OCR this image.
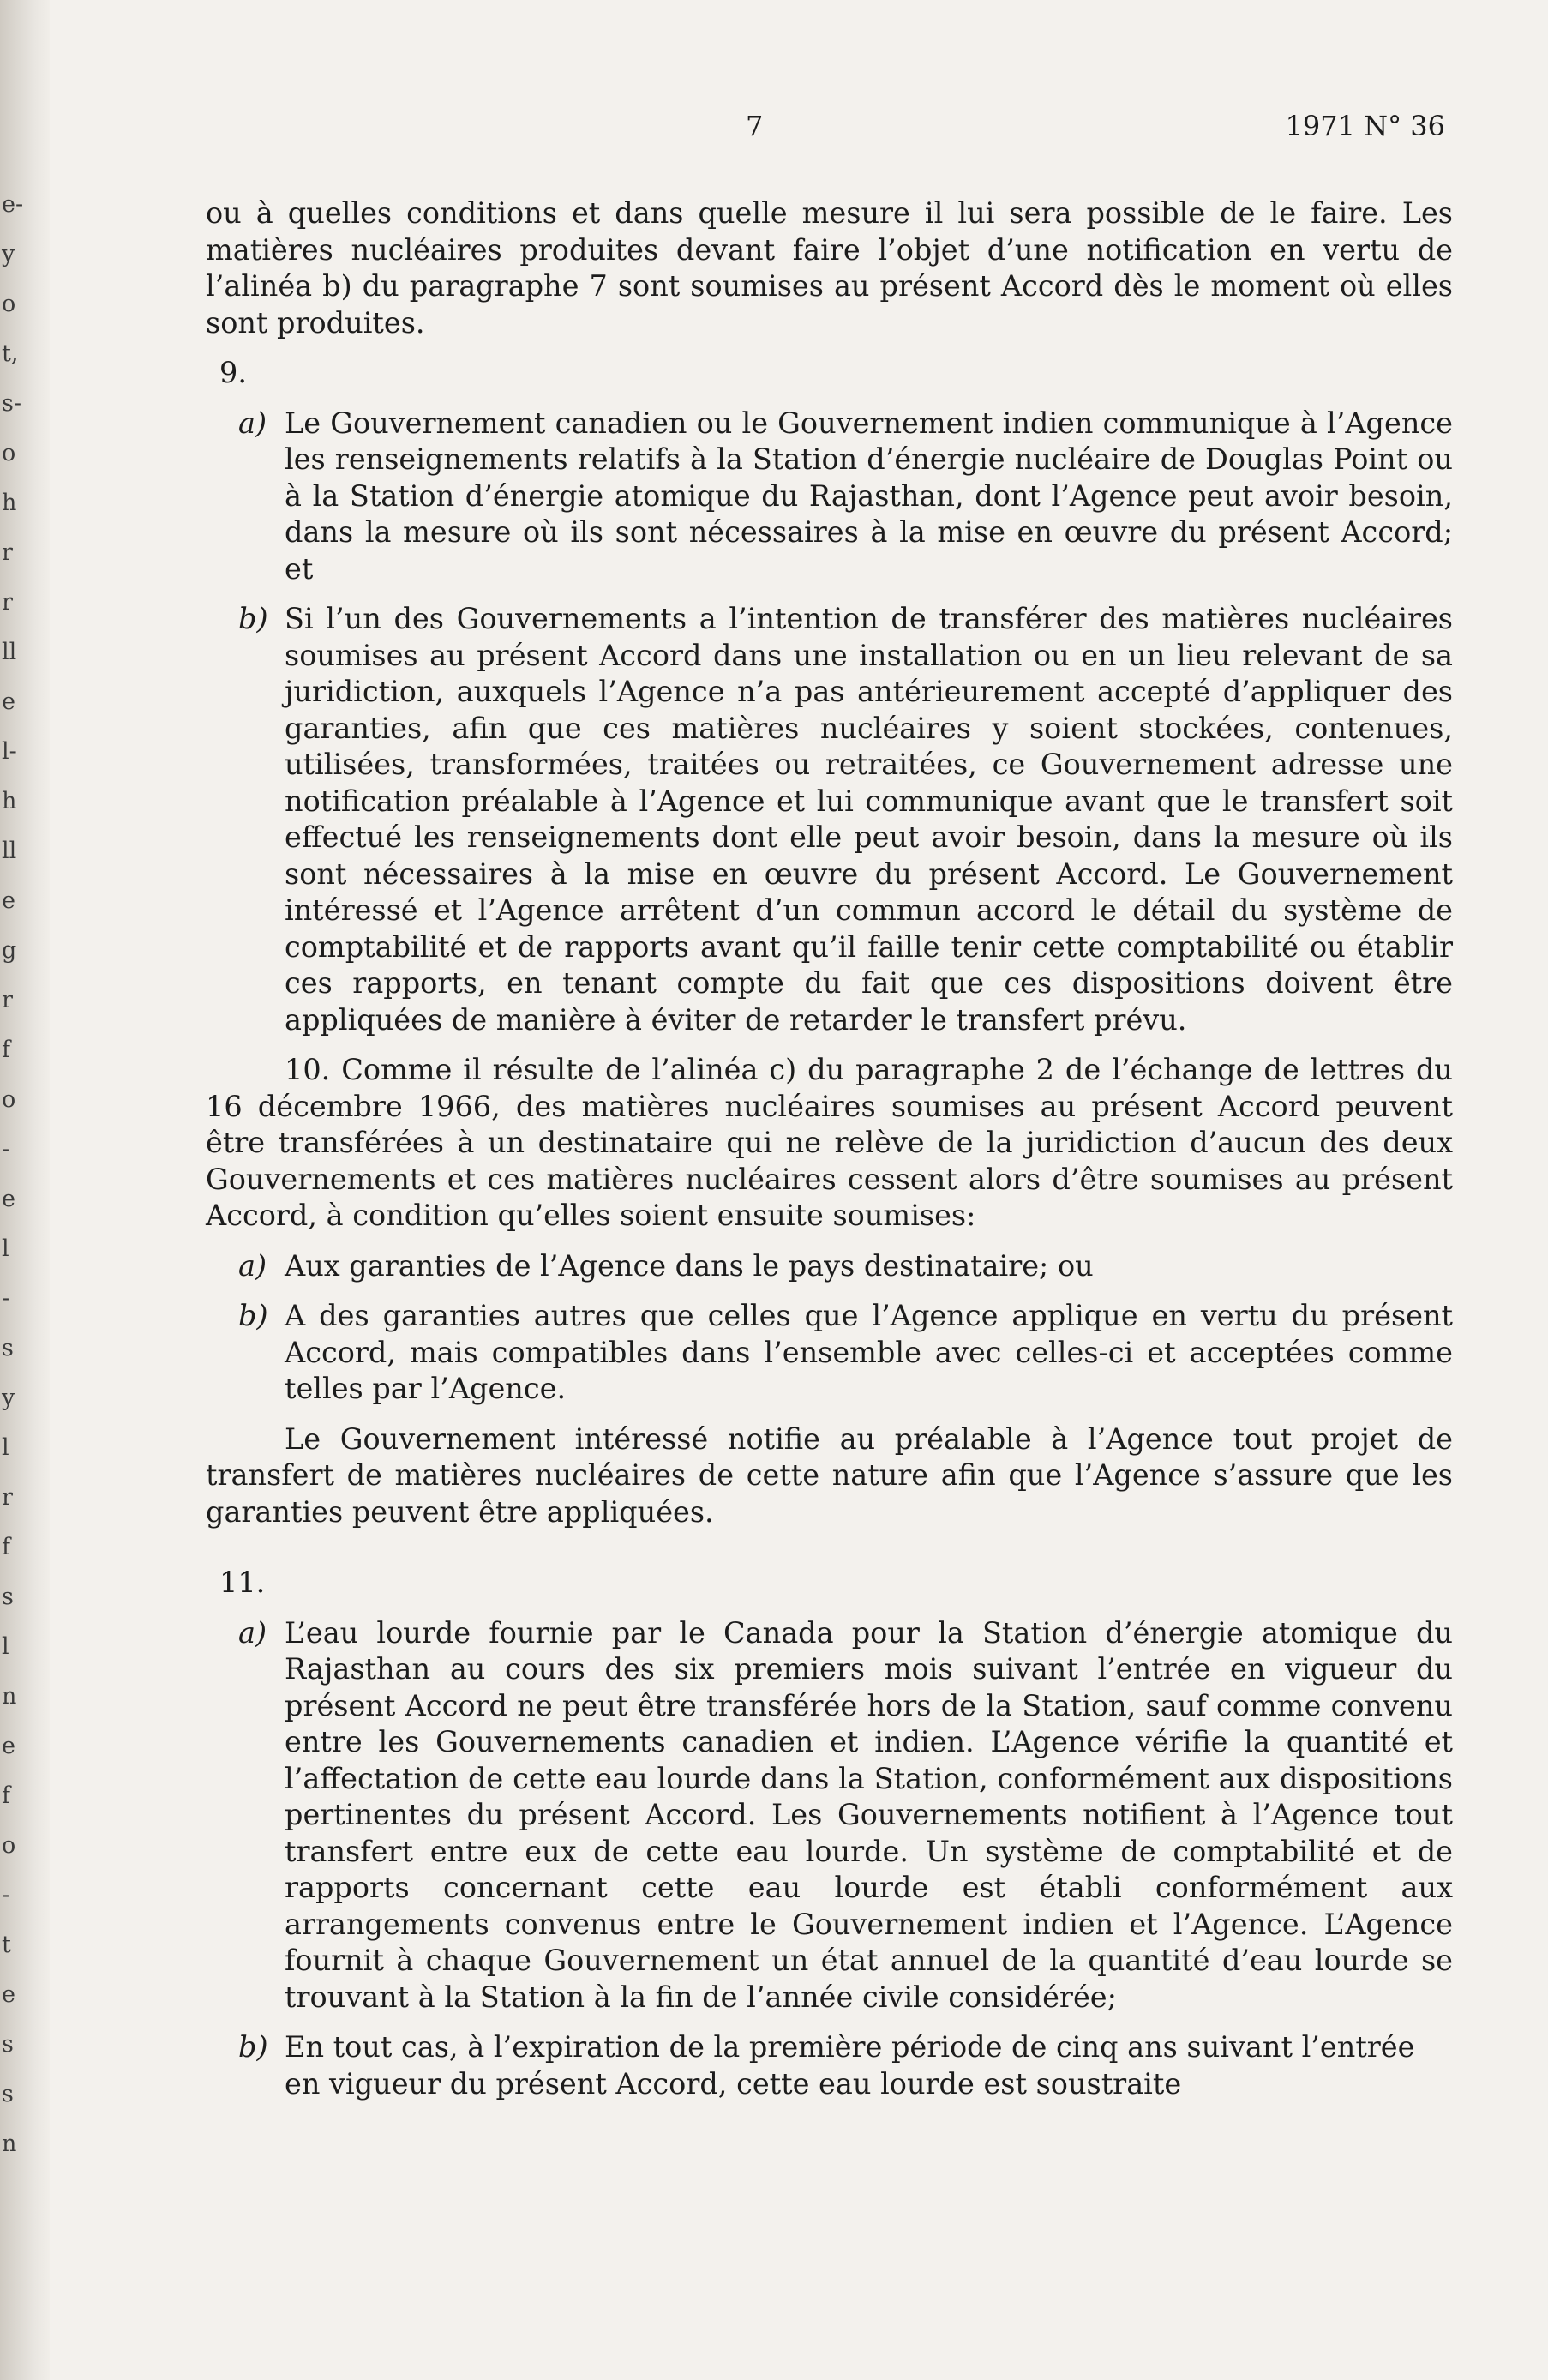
e-
y
o
t,
s-
o
h
r
r
ll
e
l-
h
ll
e
g
r
f
o
-
e
l
-
s
y
l
r
f
s
l
n
e
f
o
-
t
e
s
s
n
7	1971 N° 36

ou à quelles conditions et dans quelle mesure il lui sera possible de le faire. Les matières nucléaires produites devant faire l’objet d’une notification en vertu de l’alinéa b) du paragraphe 7 sont soumises au présent Accord dès le moment où elles sont produites.

9.

a) Le Gouvernement canadien ou le Gouvernement indien communique à l’Agence les renseignements relatifs à la Station d’énergie nucléaire de Douglas Point ou à la Station d’énergie atomique du Rajasthan, dont l’Agence peut avoir besoin, dans la mesure où ils sont nécessaires à la mise en œuvre du présent Accord; et

b) Si l’un des Gouvernements a l’intention de transférer des matières nucléaires soumises au présent Accord dans une installation ou en un lieu relevant de sa juridiction, auxquels l’Agence n’a pas antérieurement accepté d’appliquer des garanties, afin que ces matières nucléaires y soient stockées, contenues, utilisées, transformées, traitées ou retraitées, ce Gouvernement adresse une notification préalable à l’Agence et lui communique avant que le transfert soit effectué les renseignements dont elle peut avoir besoin, dans la mesure où ils sont nécessaires à la mise en œuvre du présent Accord. Le Gouvernement intéressé et l’Agence arrêtent d’un commun accord le détail du système de comptabilité et de rapports avant qu’il faille tenir cette comptabilité ou établir ces rapports, en tenant compte du fait que ces dispositions doivent être appliquées de manière à éviter de retarder le transfert prévu.

10. Comme il résulte de l’alinéa c) du paragraphe 2 de l’échange de lettres du 16 décembre 1966, des matières nucléaires soumises au présent Accord peuvent être transférées à un destinataire qui ne relève de la juridiction d’aucun des deux Gouvernements et ces matières nucléaires cessent alors d’être soumises au présent Accord, à condition qu’elles soient ensuite soumises:

a) Aux garanties de l’Agence dans le pays destinataire; ou

b) A des garanties autres que celles que l’Agence applique en vertu du présent Accord, mais compatibles dans l’ensemble avec celles-ci et acceptées comme telles par l’Agence.

Le Gouvernement intéressé notifie au préalable à l’Agence tout projet de transfert de matières nucléaires de cette nature afin que l’Agence s’assure que les garanties peuvent être appliquées.

11.

a) L’eau lourde fournie par le Canada pour la Station d’énergie atomique du Rajasthan au cours des six premiers mois suivant l’entrée en vigueur du présent Accord ne peut être transférée hors de la Station, sauf comme convenu entre les Gouvernements canadien et indien. L’Agence vérifie la quantité et l’affectation de cette eau lourde dans la Station, conformément aux dispositions pertinentes du présent Accord. Les Gouvernements notifient à l’Agence tout transfert entre eux de cette eau lourde. Un système de comptabilité et de rapports concernant cette eau lourde est établi conformément aux arrangements convenus entre le Gouvernement indien et l’Agence. L’Agence fournit à chaque Gouvernement un état annuel de la quantité d’eau lourde se trouvant à la Station à la fin de l’année civile considérée;

b) En tout cas, à l’expiration de la première période de cinq ans suivant l’entrée en vigueur du présent Accord, cette eau lourde est soustraite
